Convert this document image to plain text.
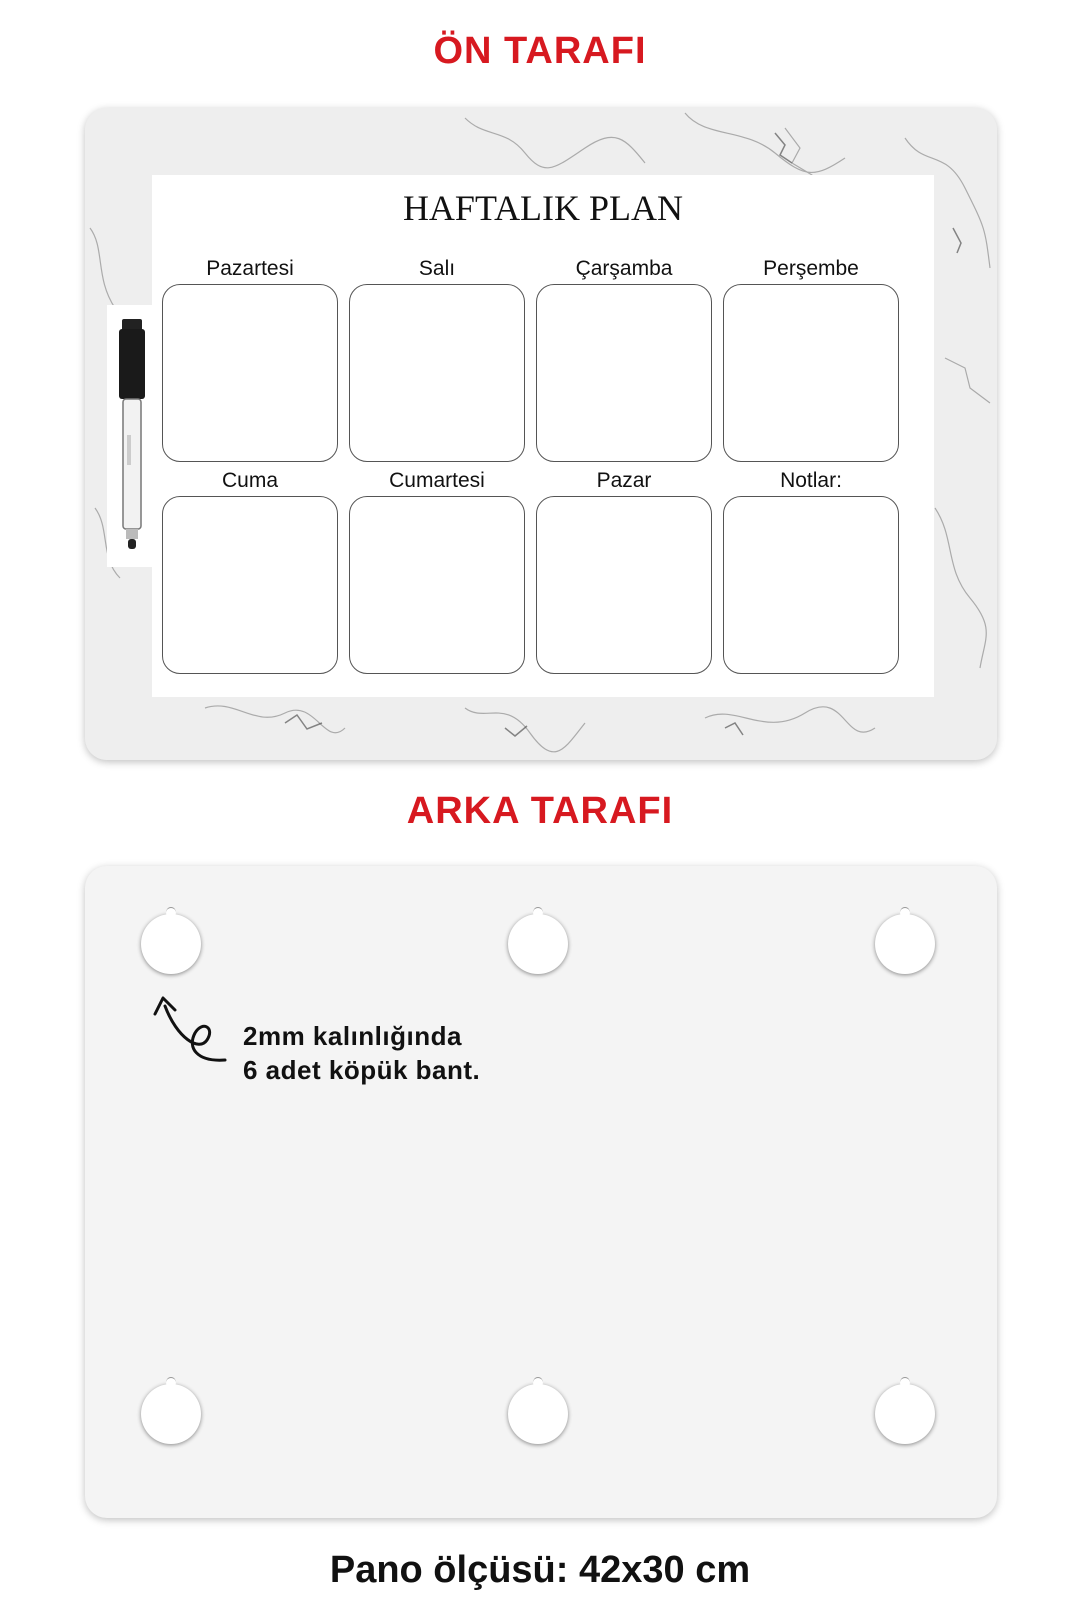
ÖN TARAFI
HAFTALIK PLAN
Pazartesi	Salı	Çarşamba	Perşembe
Cuma	Cumartesi	Pazar	Notlar:
ARKA TARAFI
2mm kalınlığında
6 adet köpük bant.
Pano ölçüsü: 42x30 cm
